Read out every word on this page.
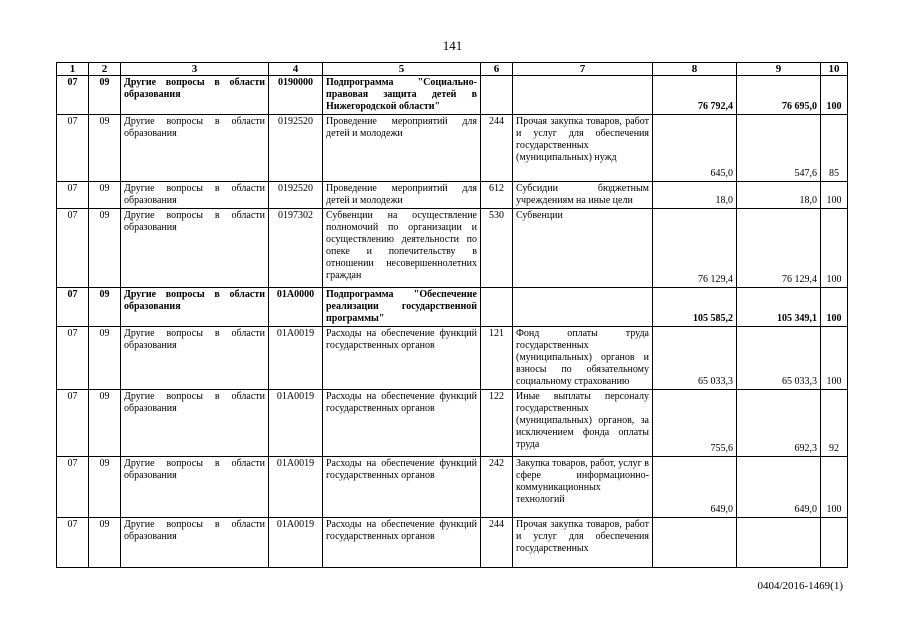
141
1	2	3	4	5	6	7	8	9	10
07	09	Другие вопросы в области образования	0190000	Подпрограмма "Социально-правовая защита детей в Нижегородской области"			76 792,4	76 695,0	100
07	09	Другие вопросы в области образования	0192520	Проведение мероприятий для детей и молодежи	244	Прочая закупка товаров, работ и услуг для обеспечения государственных (муниципальных) нужд	645,0	547,6	85
07	09	Другие вопросы в области образования	0192520	Проведение мероприятий для детей и молодежи	612	Субсидии бюджетным учреждениям на иные цели	18,0	18,0	100
07	09	Другие вопросы в области образования	0197302	Субвенции на осуществление полномочий по организации и осуществлению деятельности по опеке и попечительству в отношении несовершеннолетних граждан	530	Субвенции	76 129,4	76 129,4	100
07	09	Другие вопросы в области образования	01А0000	Подпрограмма "Обеспечение реализации государственной программы"			105 585,2	105 349,1	100
07	09	Другие вопросы в области образования	01А0019	Расходы на обеспечение функций государственных органов	121	Фонд оплаты труда государственных (муниципальных) органов и взносы по обязательному социальному страхованию	65 033,3	65 033,3	100
07	09	Другие вопросы в области образования	01А0019	Расходы на обеспечение функций государственных органов	122	Иные выплаты персоналу государственных (муниципальных) органов, за исключением фонда оплаты труда	755,6	692,3	92
07	09	Другие вопросы в области образования	01А0019	Расходы на обеспечение функций государственных органов	242	Закупка товаров, работ, услуг в сфере информационно-коммуникационных технологий	649,0	649,0	100
07	09	Другие вопросы в области образования	01А0019	Расходы на обеспечение функций государственных органов	244	Прочая закупка товаров, работ и услуг для обеспечения государственных			
0404/2016-1469(1)
